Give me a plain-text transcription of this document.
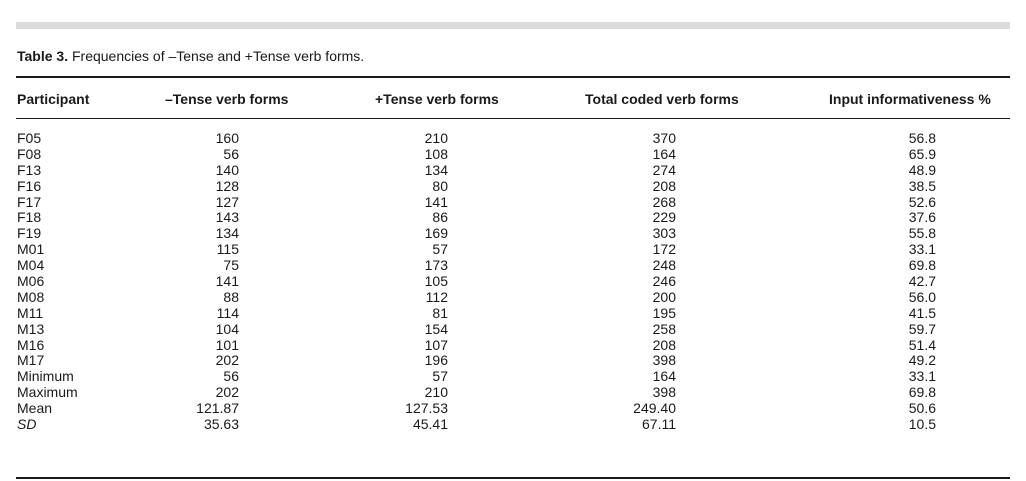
Table 3. Frequencies of –Tense and +Tense verb forms.
Participant	–Tense verb forms	+Tense verb forms	Total coded verb forms	Input informativeness %
F05	160	210	370	56.8
F08	56	108	164	65.9
F13	140	134	274	48.9
F16	128	80	208	38.5
F17	127	141	268	52.6
F18	143	86	229	37.6
F19	134	169	303	55.8
M01	115	57	172	33.1
M04	75	173	248	69.8
M06	141	105	246	42.7
M08	88	112	200	56.0
M11	114	81	195	41.5
M13	104	154	258	59.7
M16	101	107	208	51.4
M17	202	196	398	49.2
Minimum	56	57	164	33.1
Maximum	202	210	398	69.8
Mean	121.87	127.53	249.40	50.6
SD	35.63	45.41	67.11	10.5
